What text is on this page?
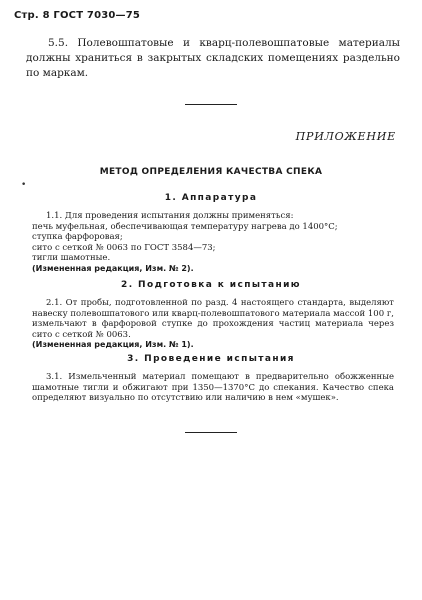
Стр. 8 ГОСТ 7030—75
5.5. Полевошпатовые и кварц-полевошпатовые материалы должны храниться в закрытых складских помещениях раздельно по маркам.
ПРИЛОЖЕНИЕ
МЕТОД ОПРЕДЕЛЕНИЯ КАЧЕСТВА СПЕКА
•
1. Аппаратура
1.1. Для проведения испытания должны применяться:
печь муфельная, обеспечивающая температуру нагрева до 1400°С;
ступка фарфоровая;
сито с сеткой № 0063 по ГОСТ 3584—73;
тигли шамотные.
(Измененная редакция, Изм. № 2).
2. Подготовка к испытанию
2.1. От пробы, подготовленной по разд. 4 настоящего стандарта, выделяют навеску полевошпатового или кварц-полевошпатового материала массой 100 г, измельчают в фарфоровой ступке до прохождения частиц материала через сито с сеткой № 0063.
(Измененная редакция, Изм. № 1).
3. Проведение испытания
3.1. Измельченный материал помещают в предварительно обожженные шамотные тигли и обжигают при 1350—1370°С до спекания. Качество спека определяют визуально по отсутствию или наличию в нем «мушек».
